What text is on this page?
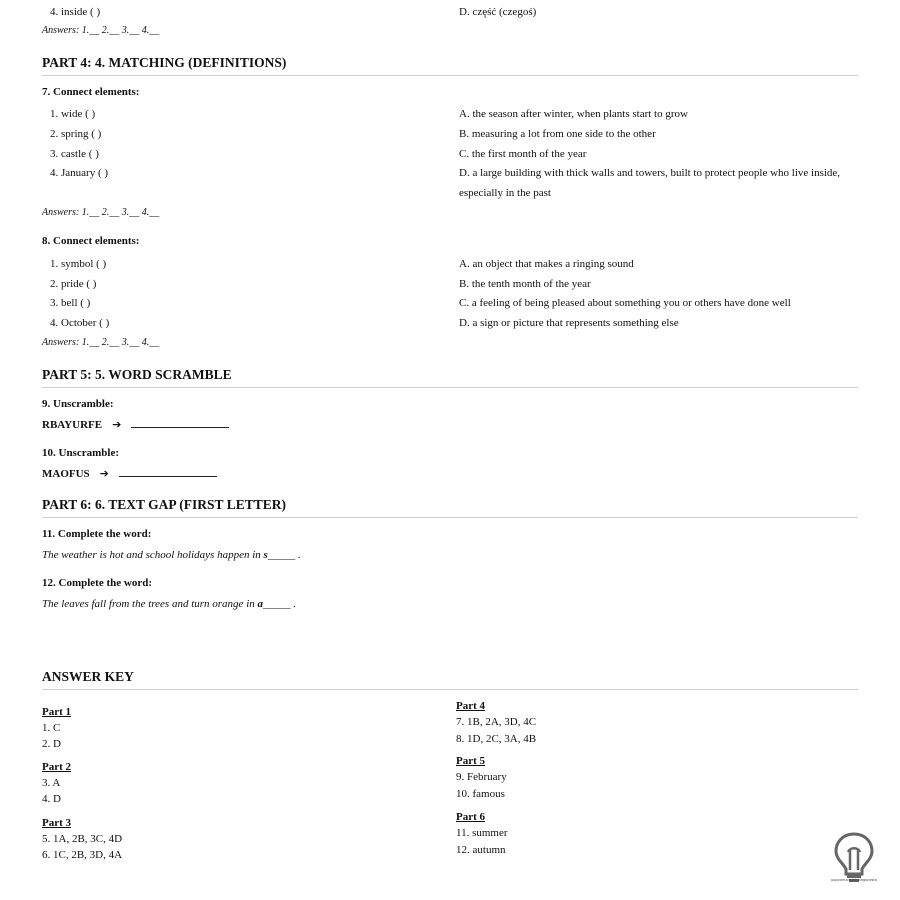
4. inside ( )	D. część (czegoś)
Answers: 1.__ 2.__ 3.__ 4.__
PART 4: 4. MATCHING (DEFINITIONS)
7. Connect elements:
1. wide ( )
2. spring ( )
3. castle ( )
4. January ( )
A. the season after winter, when plants start to grow
B. measuring a lot from one side to the other
C. the first month of the year
D. a large building with thick walls and towers, built to protect people who live inside, especially in the past
Answers: 1.__ 2.__ 3.__ 4.__
8. Connect elements:
1. symbol ( )
2. pride ( )
3. bell ( )
4. October ( )
A. an object that makes a ringing sound
B. the tenth month of the year
C. a feeling of being pleased about something you or others have done well
D. a sign or picture that represents something else
Answers: 1.__ 2.__ 3.__ 4.__
PART 5: 5. WORD SCRAMBLE
9. Unscramble:
RBAYURFE ➔
10. Unscramble:
MAOFUS ➔
PART 6: 6. TEXT GAP (FIRST LETTER)
11. Complete the word:
The weather is hot and school holidays happen in s_____ .
12. Complete the word:
The leaves fall from the trees and turn orange in a_____ .
ANSWER KEY
Part 1
1. C
2. D
Part 2
3. A
4. D
Part 3
5. 1A, 2B, 3C, 4D
6. 1C, 2B, 3D, 4A
Part 4
7. 1B, 2A, 3D, 4C
8. 1D, 2C, 3A, 4B
Part 5
9. February
10. famous
Part 6
11. summer
12. autumn
popcornangielskiegocesta
